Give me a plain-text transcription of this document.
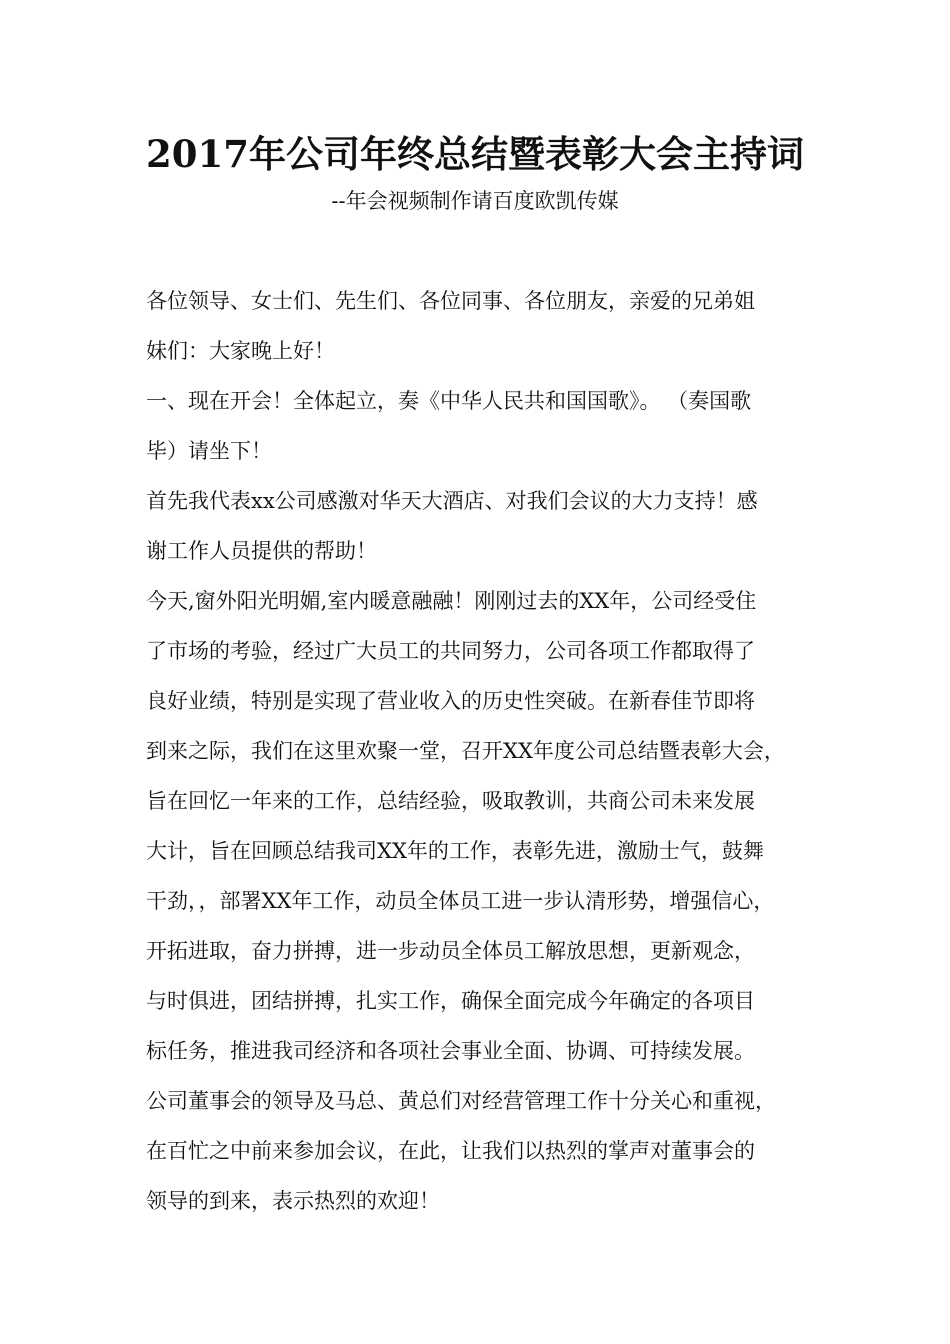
2017年公司年终总结暨表彰大会主持词
--年会视频制作请百度欧凯传媒
各位领导、女士们、先生们、各位同事、各位朋友，亲爱的兄弟姐
妹们：大家晚上好！
一、现在开会！全体起立，奏《中华人民共和国国歌》。 （奏国歌
毕）请坐下！
首先我代表xx公司感激对华天大酒店、对我们会议的大力支持！感
谢工作人员提供的帮助！
今天,窗外阳光明媚,室内暖意融融！刚刚过去的XX年，公司经受住
了市场的考验，经过广大员工的共同努力，公司各项工作都取得了
良好业绩，特别是实现了营业收入的历史性突破。在新春佳节即将
到来之际，我们在这里欢聚一堂，召开XX年度公司总结暨表彰大会，
旨在回忆一年来的工作，总结经验，吸取教训，共商公司未来发展
大计，旨在回顾总结我司XX年的工作，表彰先进，激励士气，鼓舞
干劲，，部署XX年工作，动员全体员工进一步认清形势，增强信心，
开拓进取，奋力拼搏，进一步动员全体员工解放思想，更新观念，
与时俱进，团结拼搏，扎实工作，确保全面完成今年确定的各项目
标任务，推进我司经济和各项社会事业全面、协调、可持续发展。
公司董事会的领导及马总、黄总们对经营管理工作十分关心和重视，
在百忙之中前来参加会议，在此，让我们以热烈的掌声对董事会的
领导的到来，表示热烈的欢迎！
